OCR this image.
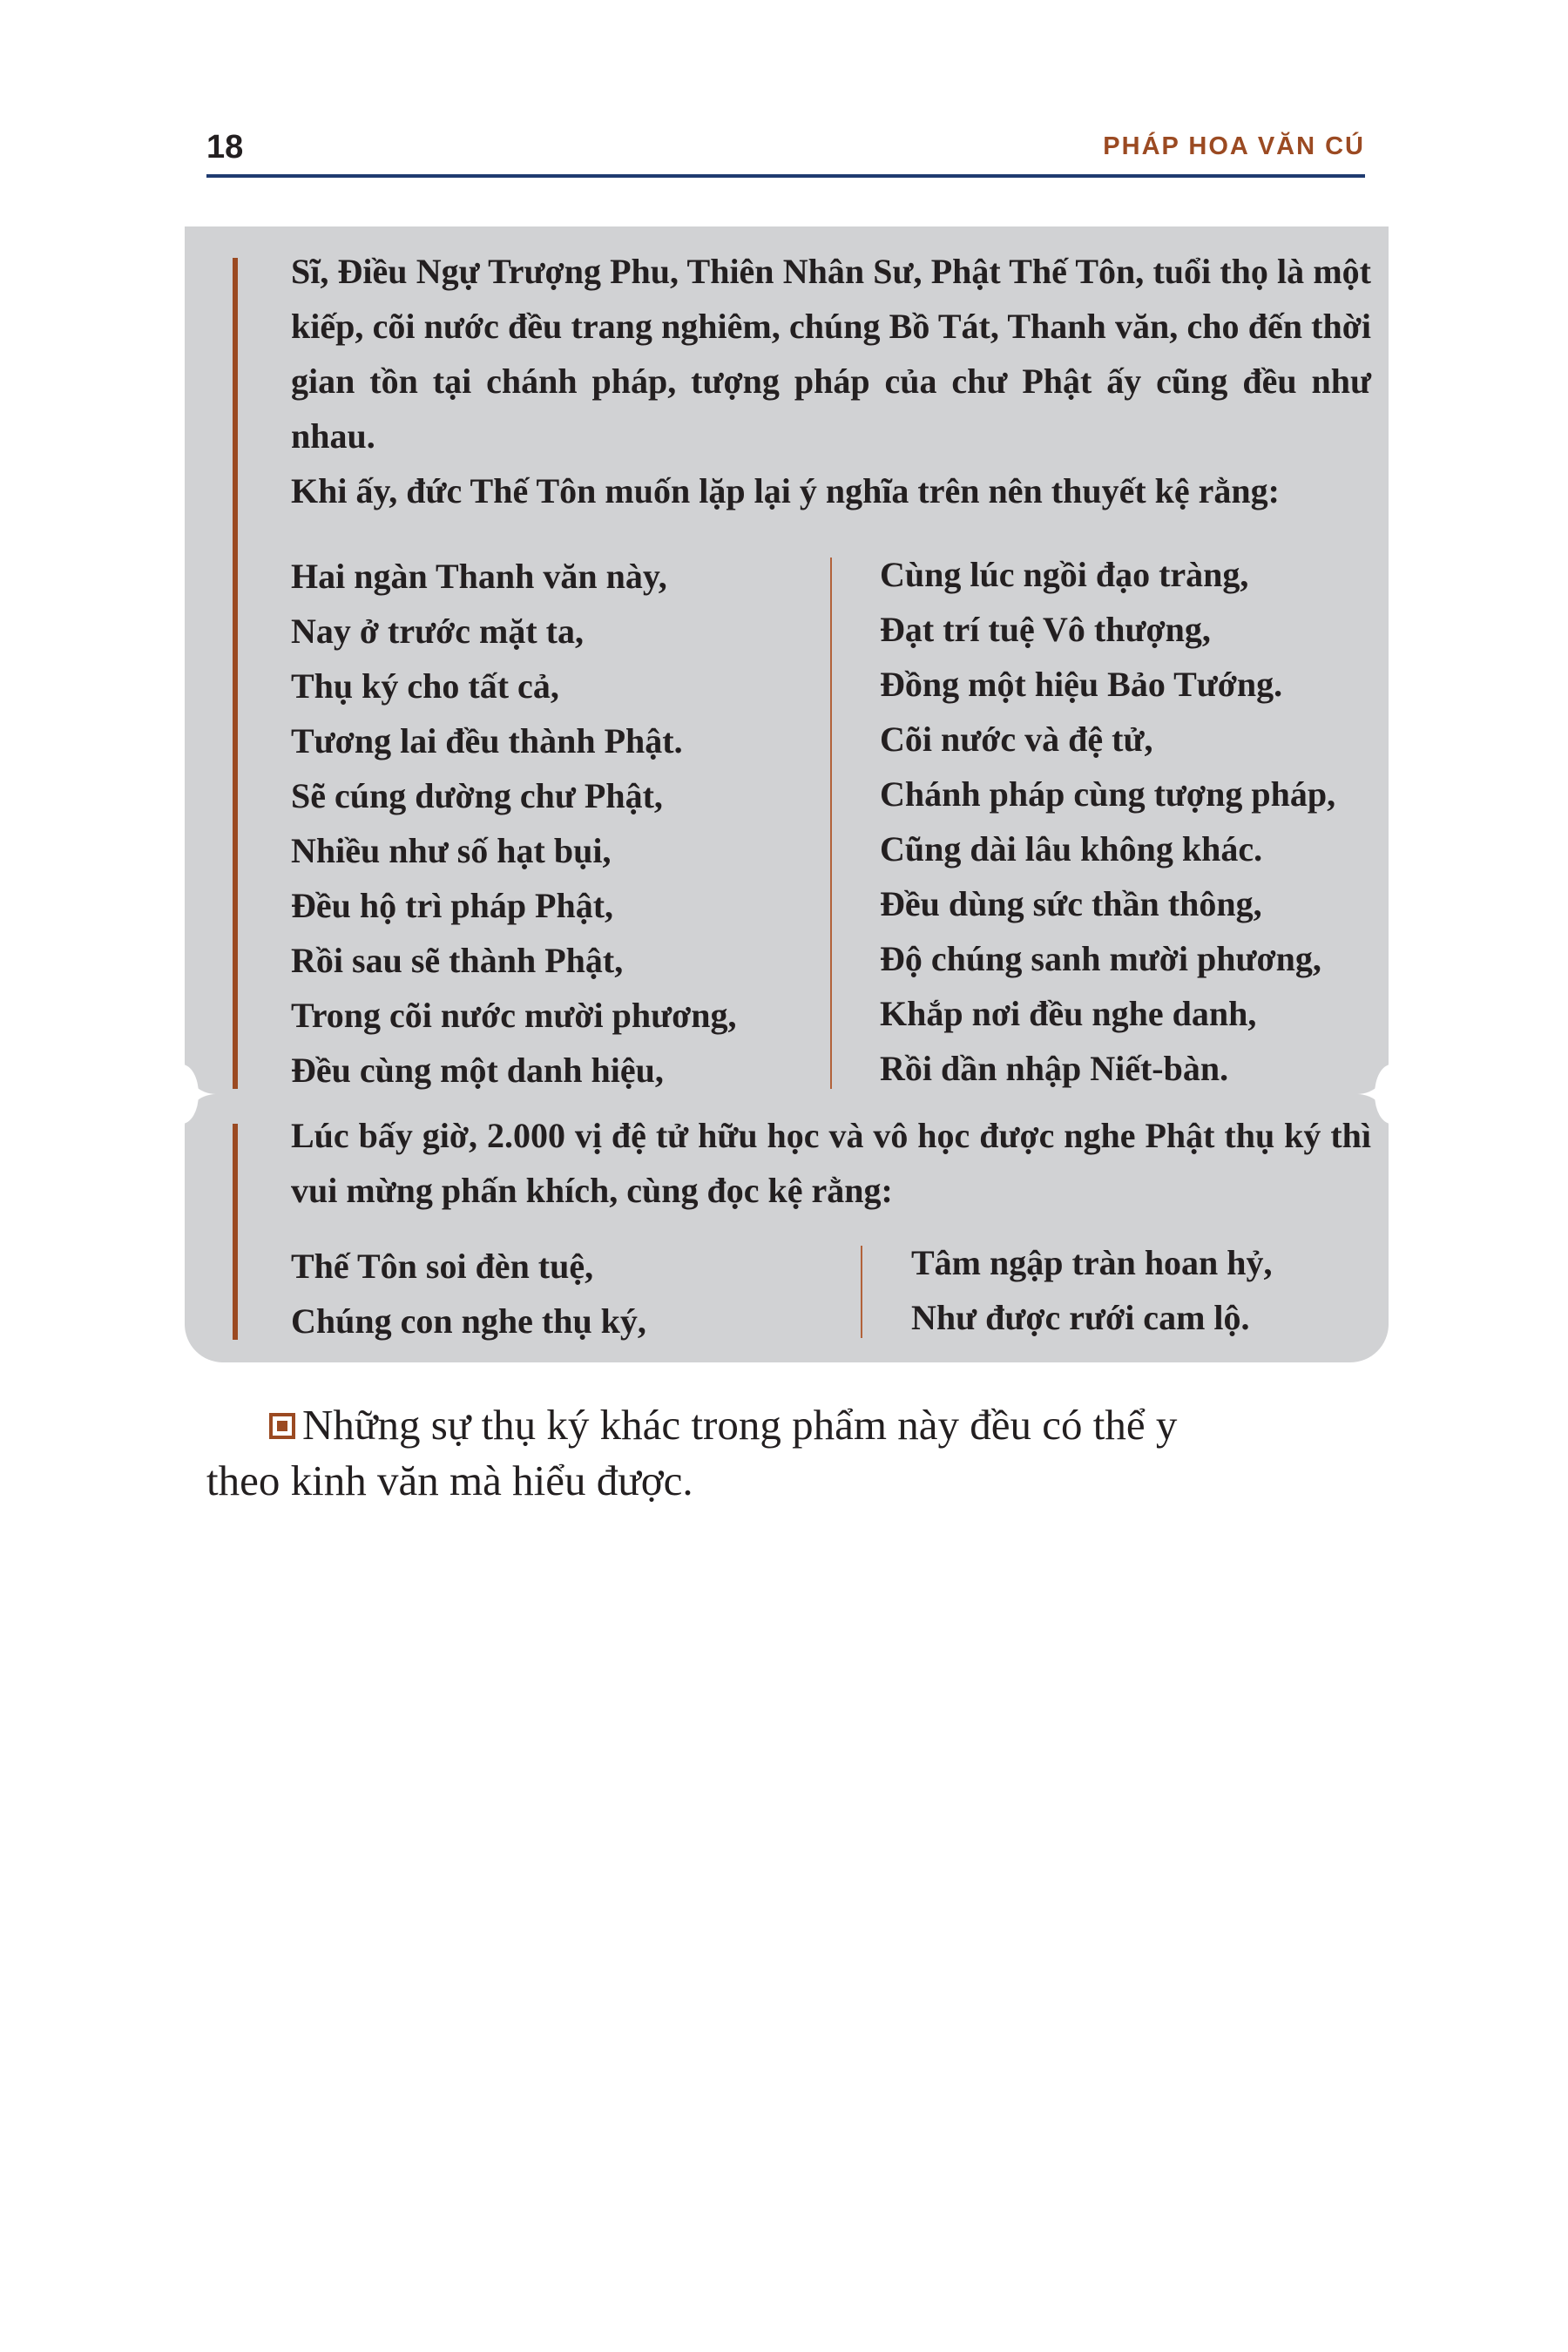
18	PHÁP HOA VĂN CÚ

Sĩ, Điều Ngự Trượng Phu, Thiên Nhân Sư, Phật Thế Tôn, tuổi thọ là một kiếp, cõi nước đều trang nghiêm, chúng Bồ Tát, Thanh văn, cho đến thời gian tồn tại chánh pháp, tượng pháp của chư Phật ấy cũng đều như nhau.

Khi ấy, đức Thế Tôn muốn lặp lại ý nghĩa trên nên thuyết kệ rằng:

Hai ngàn Thanh văn này,
Nay ở trước mặt ta,
Thụ ký cho tất cả,
Tương lai đều thành Phật.
Sẽ cúng dường chư Phật,
Nhiều như số hạt bụi,
Đều hộ trì pháp Phật,
Rồi sau sẽ thành Phật,
Trong cõi nước mười phương,
Đều cùng một danh hiệu,
Cùng lúc ngồi đạo tràng,
Đạt trí tuệ Vô thượng,
Đồng một hiệu Bảo Tướng.
Cõi nước và đệ tử,
Chánh pháp cùng tượng pháp,
Cũng dài lâu không khác.
Đều dùng sức thần thông,
Độ chúng sanh mười phương,
Khắp nơi đều nghe danh,
Rồi dần nhập Niết-bàn.

Lúc bấy giờ, 2.000 vị đệ tử hữu học và vô học được nghe Phật thụ ký thì vui mừng phấn khích, cùng đọc kệ rằng:

Thế Tôn soi đèn tuệ,
Chúng con nghe thụ ký,
Tâm ngập tràn hoan hỷ,
Như được rưới cam lộ.
Những sự thụ ký khác trong phẩm này đều có thể y
theo kinh văn mà hiểu được.
